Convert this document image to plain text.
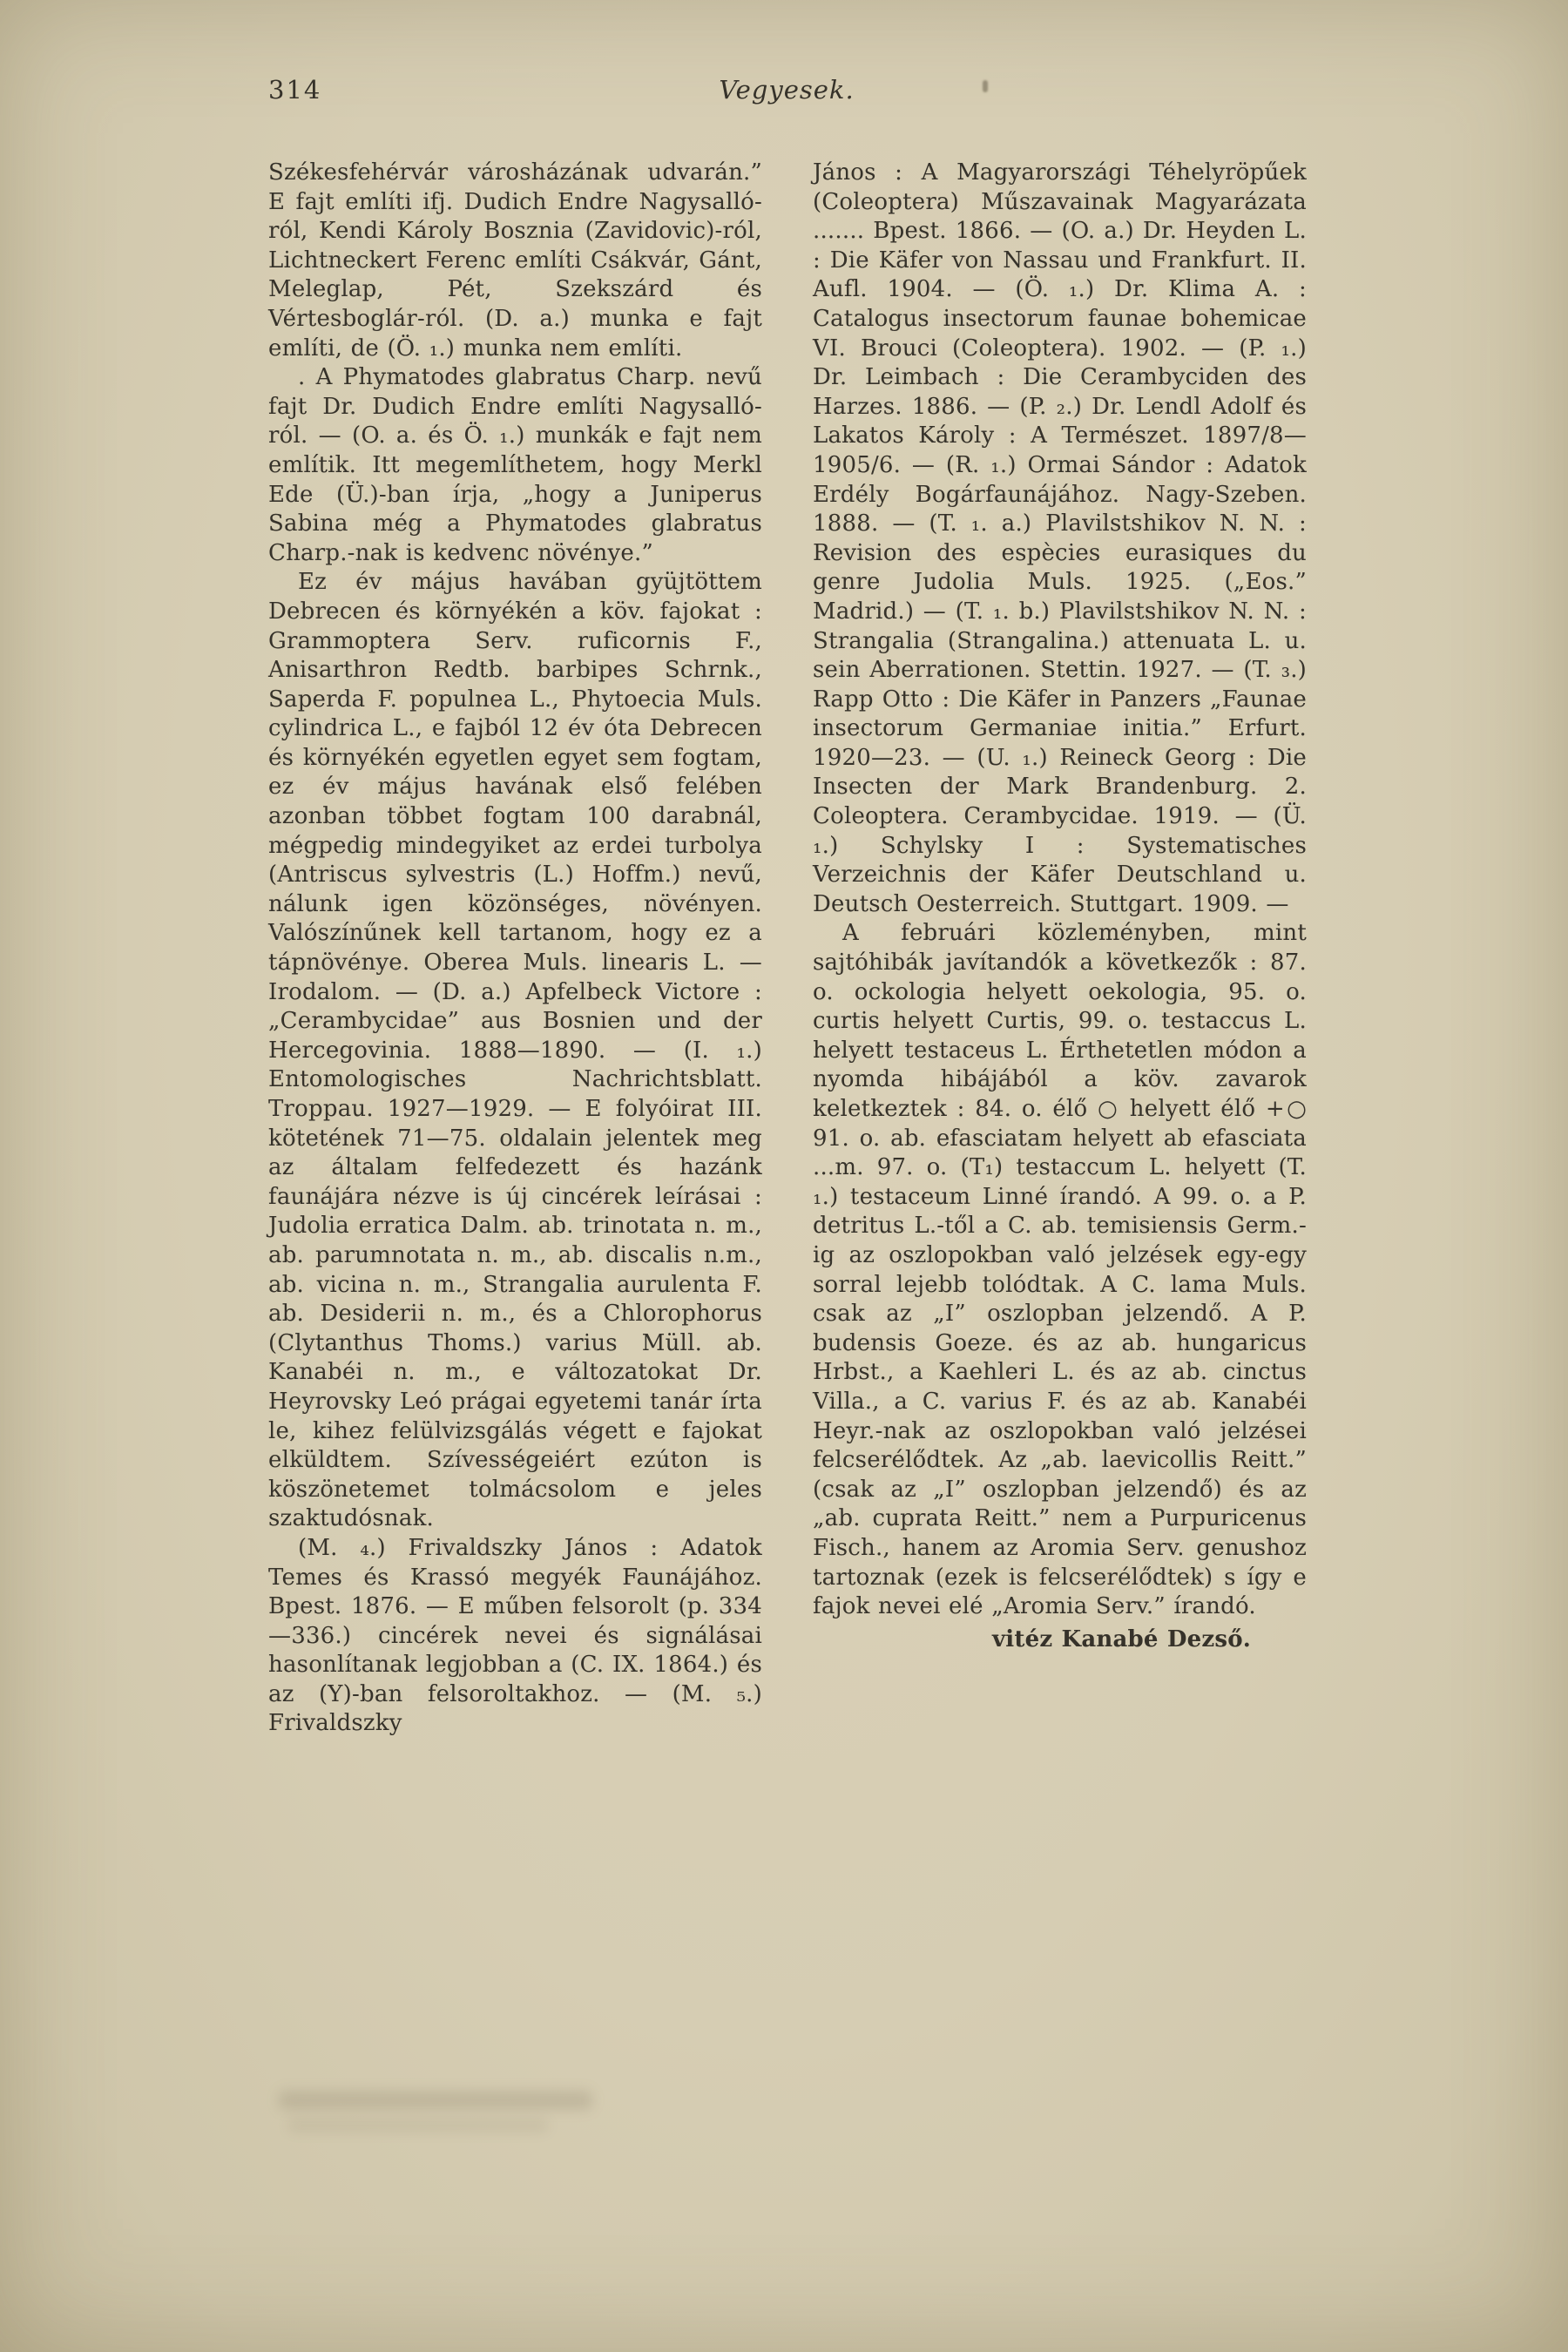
314	Vegyesek.

Székesfehérvár városházának udvarán.” E fajt említi ifj. Dudich Endre Nagysalló-ról, Kendi Károly Bosznia (Zavidovic)-ról, Lichtneckert Ferenc említi Csákvár, Gánt, Meleglap, Pét, Szekszárd és Vértesboglár-ról. (D. a.) munka e fajt említi, de (Ö. ₁.) munka nem említi.

. A Phymatodes glabratus Charp. nevű fajt Dr. Dudich Endre említi Nagysalló-ról. — (O. a. és Ö. ₁.) munkák e fajt nem említik. Itt megemlíthetem, hogy Merkl Ede (Ü.)-ban írja, „hogy a Juniperus Sabina még a Phymatodes glabratus Charp.-nak is kedvenc növénye.”

Ez év május havában gyüjtöttem Debrecen és környékén a köv. fajokat : Grammoptera Serv. ruficornis F., Anisarthron Redtb. barbipes Schrnk., Saperda F. populnea L., Phytoecia Muls. cylindrica L., e fajból 12 év óta Debrecen és környékén egyetlen egyet sem fogtam, ez év május havának első felében azonban többet fogtam 100 darabnál, mégpedig mindegyiket az erdei turbolya (Antriscus sylvestris (L.) Hoffm.) nevű, nálunk igen közönséges, növényen. Valószínűnek kell tartanom, hogy ez a tápnövénye. Oberea Muls. linearis L. — Irodalom. — (D. a.) Apfelbeck Victore : „Cerambycidae” aus Bosnien und der Hercegovinia. 1888—1890. — (I. ₁.) Entomologisches Nachrichtsblatt. Troppau. 1927—1929. — E folyóirat III. kötetének 71—75. oldalain jelentek meg az általam felfedezett és hazánk faunájára nézve is új cincérek leírásai : Judolia erratica Dalm. ab. trinotata n. m., ab. parumnotata n. m., ab. discalis n.m., ab. vicina n. m., Strangalia aurulenta F. ab. Desiderii n. m., és a Chlorophorus (Clytanthus Thoms.) varius Müll. ab. Kanabéi n. m., e változatokat Dr. Heyrovsky Leó prágai egyetemi tanár írta le, kihez felülvizsgálás végett e fajokat elküldtem. Szívességeiért ezúton is köszönetemet tolmácsolom e jeles szaktudósnak.

(M. ₄.) Frivaldszky János : Adatok Temes és Krassó megyék Faunájához. Bpest. 1876. — E műben felsorolt (p. 334—336.) cincérek nevei és signálásai hasonlítanak legjobban a (C. IX. 1864.) és az (Y)-ban felsoroltakhoz. — (M. ₅.) Frivaldszky

János : A Magyarországi Téhelyröpűek (Coleoptera) Műszavainak Magyarázata ....... Bpest. 1866. — (O. a.) Dr. Heyden L. : Die Käfer von Nassau und Frankfurt. II. Aufl. 1904. — (Ö. ₁.) Dr. Klima A. : Catalogus insectorum faunae bohemicae VI. Brouci (Coleoptera). 1902. — (P. ₁.) Dr. Leimbach : Die Cerambyciden des Harzes. 1886. — (P. ₂.) Dr. Lendl Adolf és Lakatos Károly : A Természet. 1897/8—1905/6. — (R. ₁.) Ormai Sándor : Adatok Erdély Bogárfaunájához. Nagy-Szeben. 1888. — (T. ₁. a.) Plavilstshikov N. N. : Revision des espècies eurasiques du genre Judolia Muls. 1925. („Eos.” Madrid.) — (T. ₁. b.) Plavilstshikov N. N. : Strangalia (Strangalina.) attenuata L. u. sein Aberrationen. Stettin. 1927. — (T. ₃.) Rapp Otto : Die Käfer in Panzers „Faunae insectorum Germaniae initia.” Erfurt. 1920—23. — (U. ₁.) Reineck Georg : Die Insecten der Mark Brandenburg. 2. Coleoptera. Cerambycidae. 1919. — (Ü. ₁.) Schylsky I : Systematisches Verzeichnis der Käfer Deutschland u. Deutsch Oesterreich. Stuttgart. 1909. —

A februári közleményben, mint sajtóhibák javítandók a következők : 87. o. ockologia helyett oekologia, 95. o. curtis helyett Curtis, 99. o. testaccus L. helyett testaceus L. Érthetetlen módon a nyomda hibájából a köv. zavarok keletkeztek : 84. o. élő ○ helyett élő +○ 91. o. ab. efasciatam helyett ab efasciata ...m. 97. o. (T₁) testaccum L. helyett (T. ₁.) testaceum Linné írandó. A 99. o. a P. detritus L.-től a C. ab. temisiensis Germ.-ig az oszlopokban való jelzések egy-egy sorral lejebb tolódtak. A C. lama Muls. csak az „I” oszlopban jelzendő. A P. budensis Goeze. és az ab. hungaricus Hrbst., a Kaehleri L. és az ab. cinctus Villa., a C. varius F. és az ab. Kanabéi Heyr.-nak az oszlopokban való jelzései felcserélődtek. Az „ab. laevicollis Reitt.” (csak az „I” oszlopban jelzendő) és az „ab. cuprata Reitt.” nem a Purpuricenus Fisch., hanem az Aromia Serv. genushoz tartoznak (ezek is felcserélődtek) s így e fajok nevei elé „Aromia Serv.” írandó.

vitéz Kanabé Dezső.
